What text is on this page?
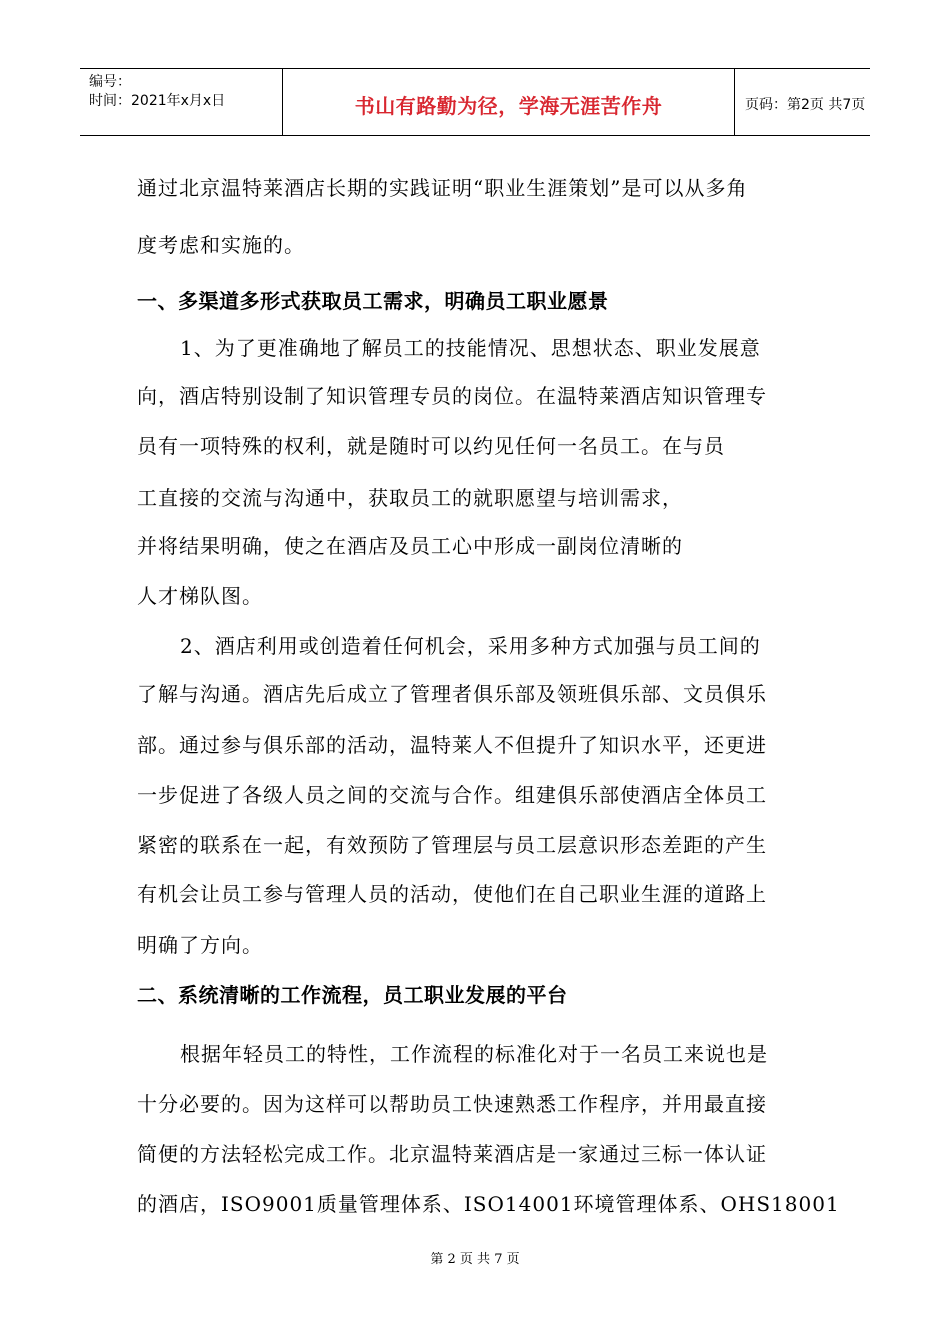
编号：
时间：2021年x月x日	书山有路勤为径，学海无涯苦作舟	页码：第2页 共7页
通过北京温特莱酒店长期的实践证明“职业生涯策划”是可以从多角
度考虑和实施的。
一、多渠道多形式获取员工需求，明确员工职业愿景
1、为了更准确地了解员工的技能情况、思想状态、职业发展意
向，酒店特别设制了知识管理专员的岗位。在温特莱酒店知识管理专
员有一项特殊的权利，就是随时可以约见任何一名员工。在与员
工直接的交流与沟通中，获取员工的就职愿望与培训需求，
并将结果明确，使之在酒店及员工心中形成一副岗位清晰的
人才梯队图。
2、酒店利用或创造着任何机会，采用多种方式加强与员工间的
了解与沟通。酒店先后成立了管理者俱乐部及领班俱乐部、文员俱乐
部。通过参与俱乐部的活动，温特莱人不但提升了知识水平，还更进
一步促进了各级人员之间的交流与合作。组建俱乐部使酒店全体员工
紧密的联系在一起，有效预防了管理层与员工层意识形态差距的产生
有机会让员工参与管理人员的活动，使他们在自己职业生涯的道路上
明确了方向。
二、系统清晰的工作流程，员工职业发展的平台
根据年轻员工的特性，工作流程的标准化对于一名员工来说也是
十分必要的。因为这样可以帮助员工快速熟悉工作程序，并用最直接
简便的方法轻松完成工作。北京温特莱酒店是一家通过三标一体认证
的酒店，ISO9001质量管理体系、ISO14001环境管理体系、OHS18001
第 2 页 共 7 页
